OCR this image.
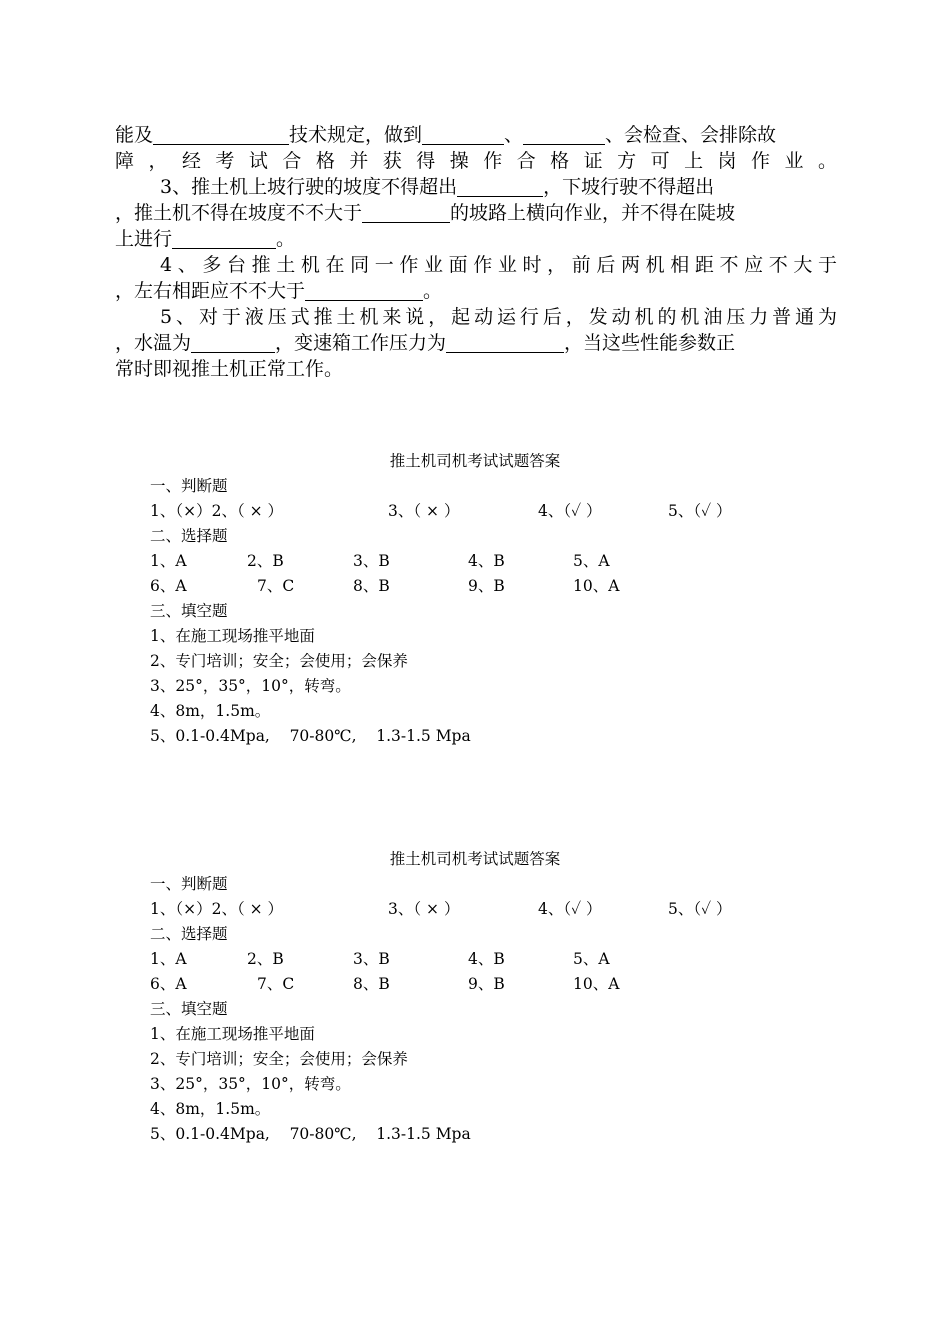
能及	技术规定，做到	、	、会检查、会排除故
障，经考试合格并获得操作合格证方可上岗作业。
3、推土机上坡行驶的坡度不得超出	，下坡行驶不得超出
，推土机不得在坡度不不大于	的坡路上横向作业，并不得在陡坡
上进行	。
4、多台推土机在同一作业面作业时，前后两机相距不应不大于
，左右相距应不不大于	。
5、对于液压式推土机来说，起动运行后，发动机的机油压力普通为
，水温为	，变速箱工作压力为	，当这些性能参数正
常时即视推土机正常工作。
推土机司机考试试题答案
一、判断题
1、（×）2、（ × ）	3、（ × ）	4、（✓ ）	5、（✓ ）
二、选择题
1、A	2、B	3、B	4、B	5、A
6、A	7、C	8、B	9、B	10、A
三、填空题
1、在施工现场推平地面
2、专门培训；安全；会使用；会保养
3、25°，35°，10°，转弯。
4、8m，1.5m。
5、0.1-0.4Mpa,    70-80℃,    1.3-1.5 Mpa
推土机司机考试试题答案
一、判断题
1、（×）2、（ × ）	3、（ × ）	4、（✓ ）	5、（✓ ）
二、选择题
1、A	2、B	3、B	4、B	5、A
6、A	7、C	8、B	9、B	10、A
三、填空题
1、在施工现场推平地面
2、专门培训；安全；会使用；会保养
3、25°，35°，10°，转弯。
4、8m，1.5m。
5、0.1-0.4Mpa,    70-80℃,    1.3-1.5 Mpa
